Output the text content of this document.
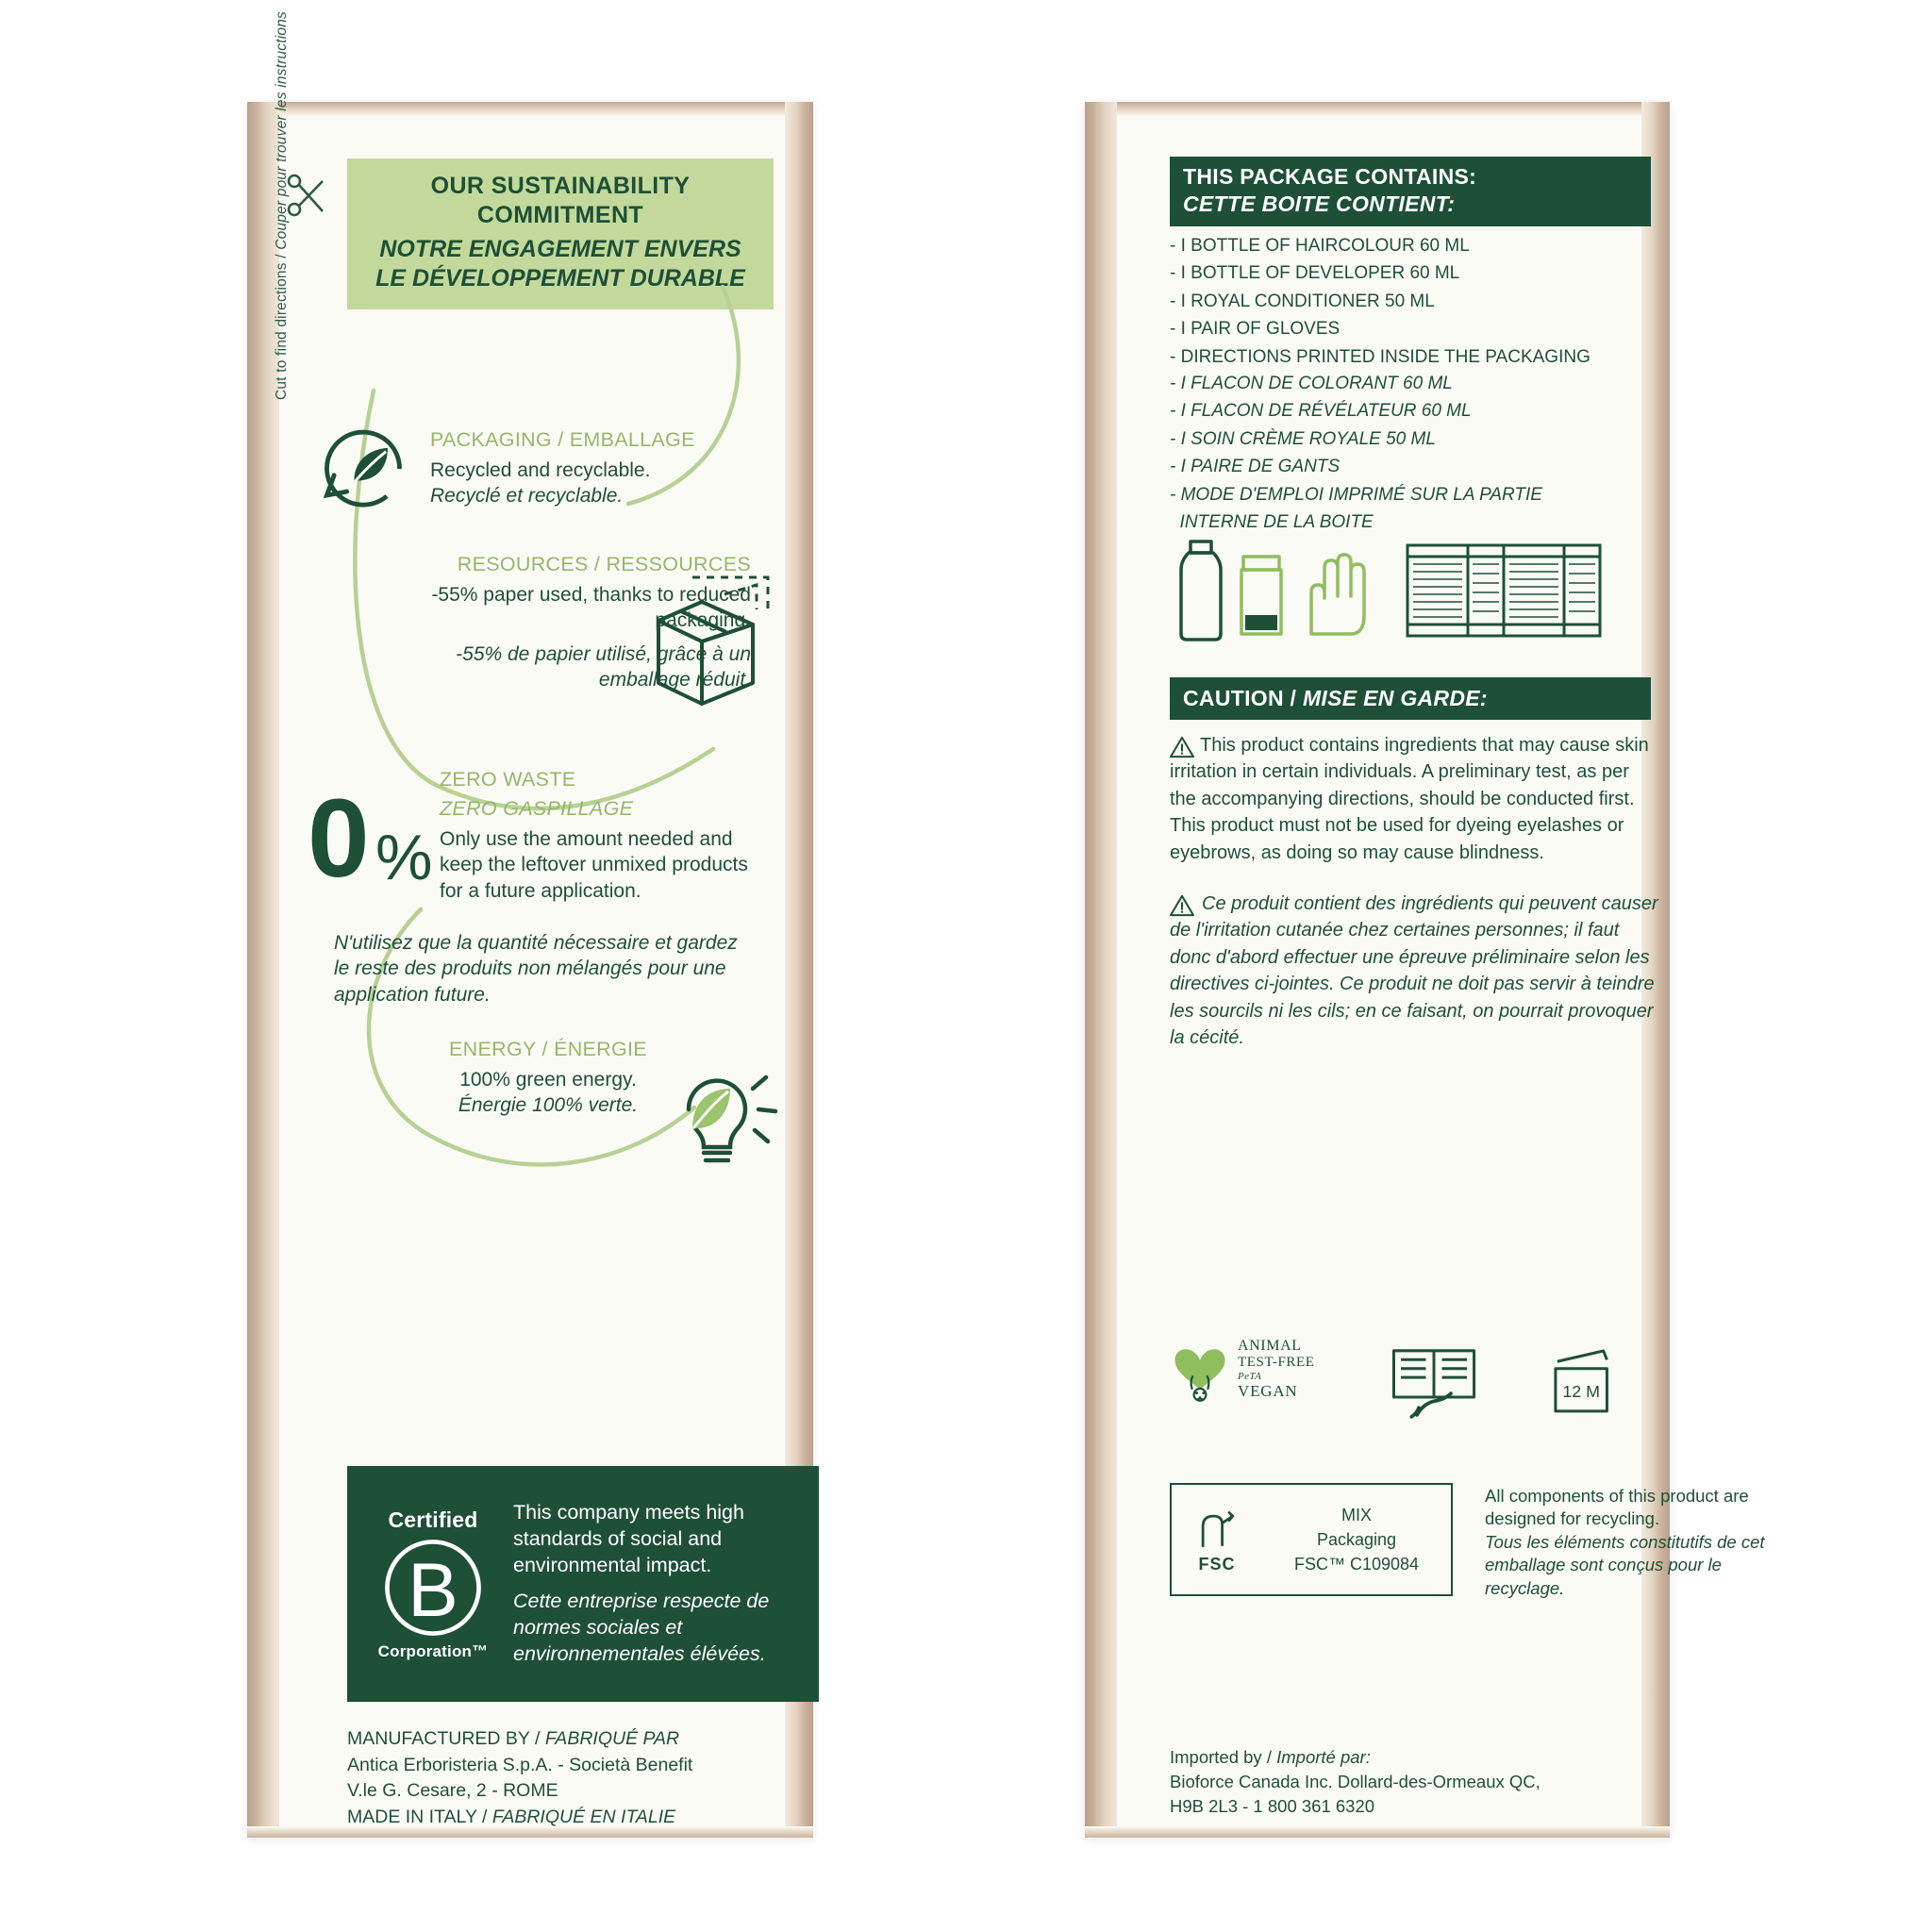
Cut to find directions / Couper pour trouver les instructions	OUR SUSTAINABILITY
COMMITMENT
NOTRE ENGAGEMENT ENVERS
LE DÉVELOPPEMENT DURABLE
PACKAGING / EMBALLAGE
Recycled and recyclable.
Recyclé et recyclable.
RESOURCES / RESSOURCES
-55% paper used, thanks to reduced packaging.
-55% de papier utilisé, grâce à un emballage réduit.
0 %
ZERO WASTE
ZERO GASPILLAGE
Only use the amount needed and keep the leftover unmixed products for a future application.
N'utilisez que la quantité nécessaire et gardez le reste des produits non mélangés pour une application future.
ENERGY / ÉNERGIE
100% green energy.
Énergie 100% verte.
Certified
B
Corporation™
This company meets high standards of social and environmental impact.
Cette entreprise respecte de normes sociales et environnementales élévées.
MANUFACTURED BY / FABRIQUÉ PAR
Antica Erboristeria S.p.A. - Società Benefit
V.le G. Cesare, 2 - ROME
MADE IN ITALY / FABRIQUÉ EN ITALIE
THIS PACKAGE CONTAINS:
CETTE BOITE CONTIENT:
- I BOTTLE OF HAIRCOLOUR 60 ML
- I BOTTLE OF DEVELOPER 60 ML
- I ROYAL CONDITIONER 50 ML
- I PAIR OF GLOVES
- DIRECTIONS PRINTED INSIDE THE PACKAGING
- I FLACON DE COLORANT 60 ML
- I FLACON DE RÉVÉLATEUR 60 ML
- I SOIN CRÈME ROYALE 50 ML
- I PAIRE DE GANTS
- MODE D'EMPLOI IMPRIMÉ SUR LA PARTIE
INTERNE DE LA BOITE
CAUTION / MISE EN GARDE:
This product contains ingredients that may cause skin irritation in certain individuals. A preliminary test, as per the accompanying directions, should be conducted first. This product must not be used for dyeing eyelashes or eyebrows, as doing so may cause blindness.
Ce produit contient des ingrédients qui peuvent causer de l'irritation cutanée chez certaines personnes; il faut donc d'abord effectuer une épreuve préliminaire selon les directives ci-jointes. Ce produit ne doit pas servir à teindre les sourcils ni les cils; en ce faisant, on pourrait provoquer la cécité.
ANIMAL
TEST-FREE
PeTA
VEGAN	12 M
FSC
MIX
Packaging
FSC™ C109084
All components of this product are designed for recycling.
Tous les éléments constitutifs de cet emballage sont conçus pour le recyclage.
Imported by / Importé par:
Bioforce Canada Inc. Dollard-des-Ormeaux QC,
H9B 2L3 - 1 800 361 6320
